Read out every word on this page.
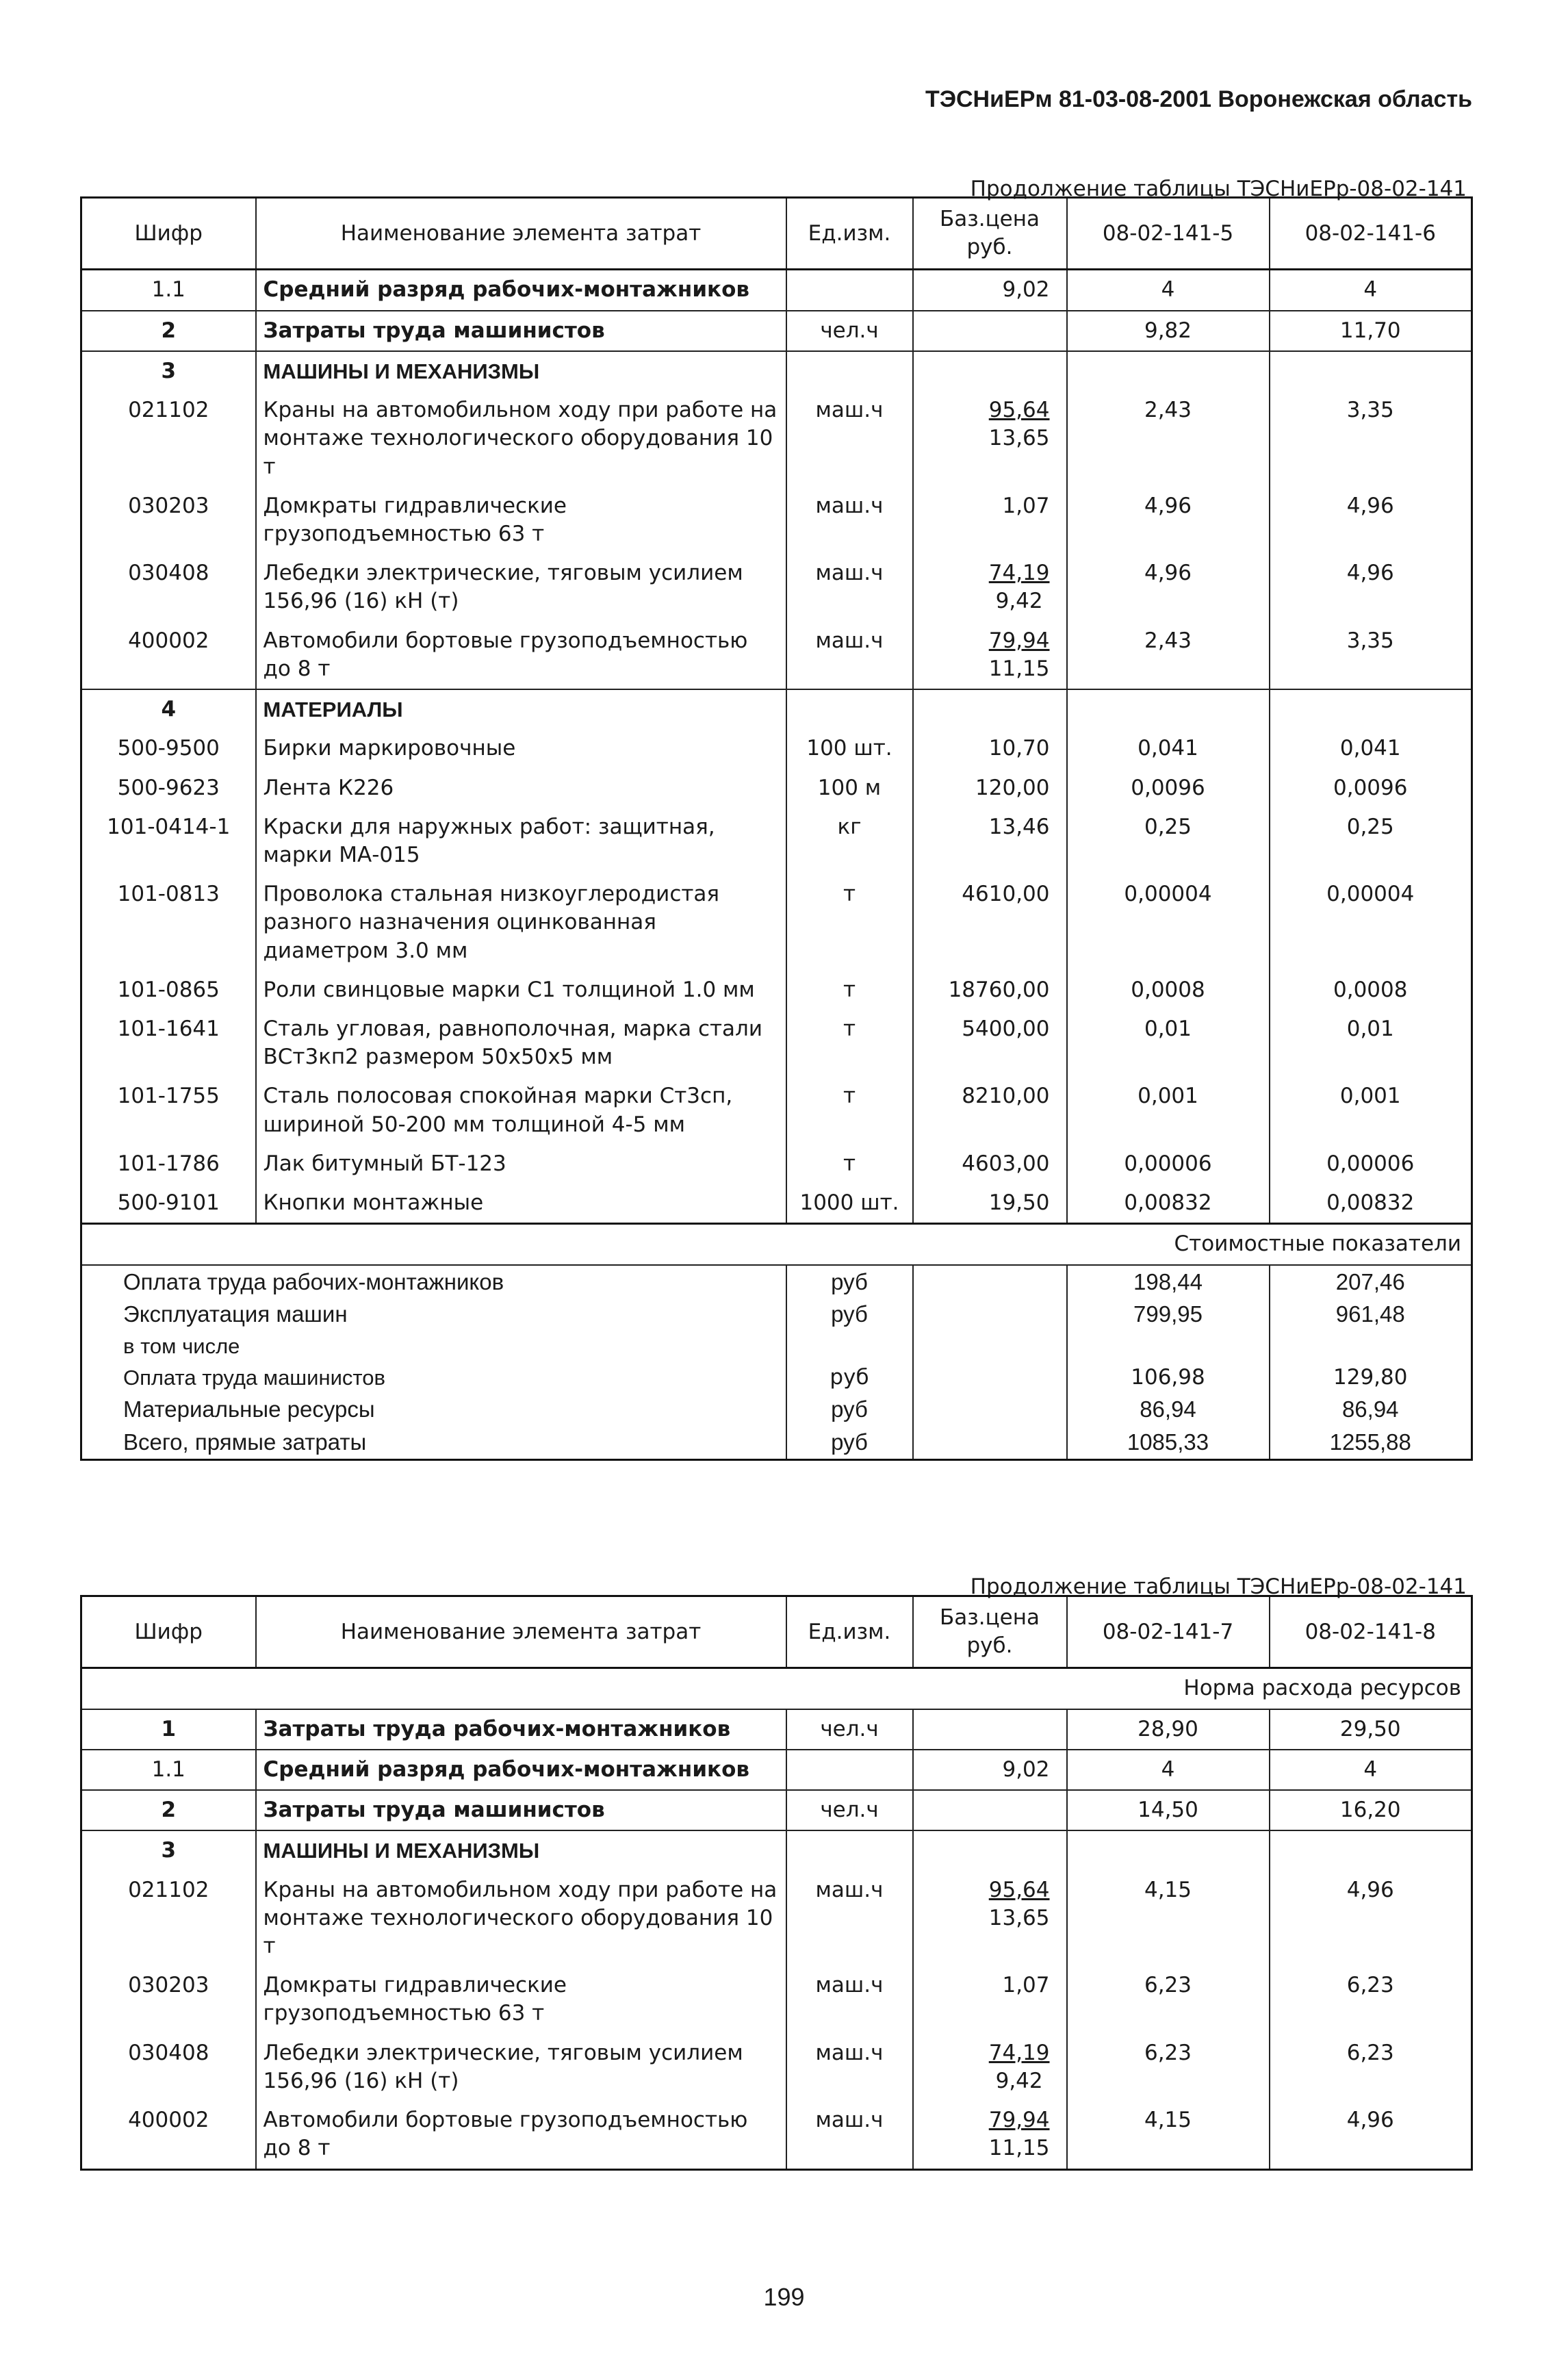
ТЭСНиЕРм 81-03-08-2001 Воронежская область
Продолжение таблицы ТЭСНиЕРр-08-02-141
Шифр	Наименование элемента затрат	Ед.изм.	Баз.цена руб.	08-02-141-5	08-02-141-6
1.1	Средний разряд рабочих-монтажников		9,02	4	4
2	Затраты труда машинистов	чел.ч		9,82	11,70
3	МАШИНЫ И МЕХАНИЗМЫ				
021102	Краны на автомобильном ходу при работе на монтаже технологического оборудования 10 т	маш.ч	$\frac{95,64}{13,65}$	2,43	3,35
030203	Домкраты гидравлические грузоподъемностью 63 т	маш.ч	1,07	4,96	4,96
030408	Лебедки электрические, тяговым усилием 156,96 (16) кН (т)	маш.ч	$\frac{74,19}{9,42}$	4,96	4,96
400002	Автомобили бортовые грузоподъемностью до 8 т	маш.ч	$\frac{79,94}{11,15}$	2,43	3,35
4	МАТЕРИАЛЫ				
500-9500	Бирки маркировочные	100 шт.	10,70	0,041	0,041
500-9623	Лента К226	100 м	120,00	0,0096	0,0096
101-0414-1	Краски для наружных работ: защитная, марки МА-015	кг	13,46	0,25	0,25
101-0813	Проволока стальная низкоуглеродистая разного назначения оцинкованная диаметром 3.0 мм	т	4610,00	0,00004	0,00004
101-0865	Роли свинцовые марки С1 толщиной 1.0 мм	т	18760,00	0,0008	0,0008
101-1641	Сталь угловая, равнополочная, марка стали ВСт3кп2 размером 50х50х5 мм	т	5400,00	0,01	0,01
101-1755	Сталь полосовая спокойная марки Ст3сп, шириной 50-200 мм толщиной 4-5 мм	т	8210,00	0,001	0,001
101-1786	Лак битумный БТ-123	т	4603,00	0,00006	0,00006
500-9101	Кнопки монтажные	1000 шт.	19,50	0,00832	0,00832
Стоимостные показатели					
Оплата труда рабочих-монтажников		руб		198,44	207,46
Эксплуатация машин		руб		799,95	961,48
в том числе					
Оплата труда машинистов		руб		106,98	129,80
Материальные ресурсы		руб		86,94	86,94
Всего, прямые затраты		руб		1085,33	1255,88
Продолжение таблицы ТЭСНиЕРр-08-02-141
Шифр	Наименование элемента затрат	Ед.изм.	Баз.цена руб.	08-02-141-7	08-02-141-8
Норма расхода ресурсов					
1	Затраты труда рабочих-монтажников	чел.ч		28,90	29,50
1.1	Средний разряд рабочих-монтажников		9,02	4	4
2	Затраты труда машинистов	чел.ч		14,50	16,20
3	МАШИНЫ И МЕХАНИЗМЫ				
021102	Краны на автомобильном ходу при работе на монтаже технологического оборудования 10 т	маш.ч	$\frac{95,64}{13,65}$	4,15	4,96
030203	Домкраты гидравлические грузоподъемностью 63 т	маш.ч	1,07	6,23	6,23
030408	Лебедки электрические, тяговым усилием 156,96 (16) кН (т)	маш.ч	$\frac{74,19}{9,42}$	6,23	6,23
400002	Автомобили бортовые грузоподъемностью до 8 т	маш.ч	$\frac{79,94}{11,15}$	4,15	4,96
199
